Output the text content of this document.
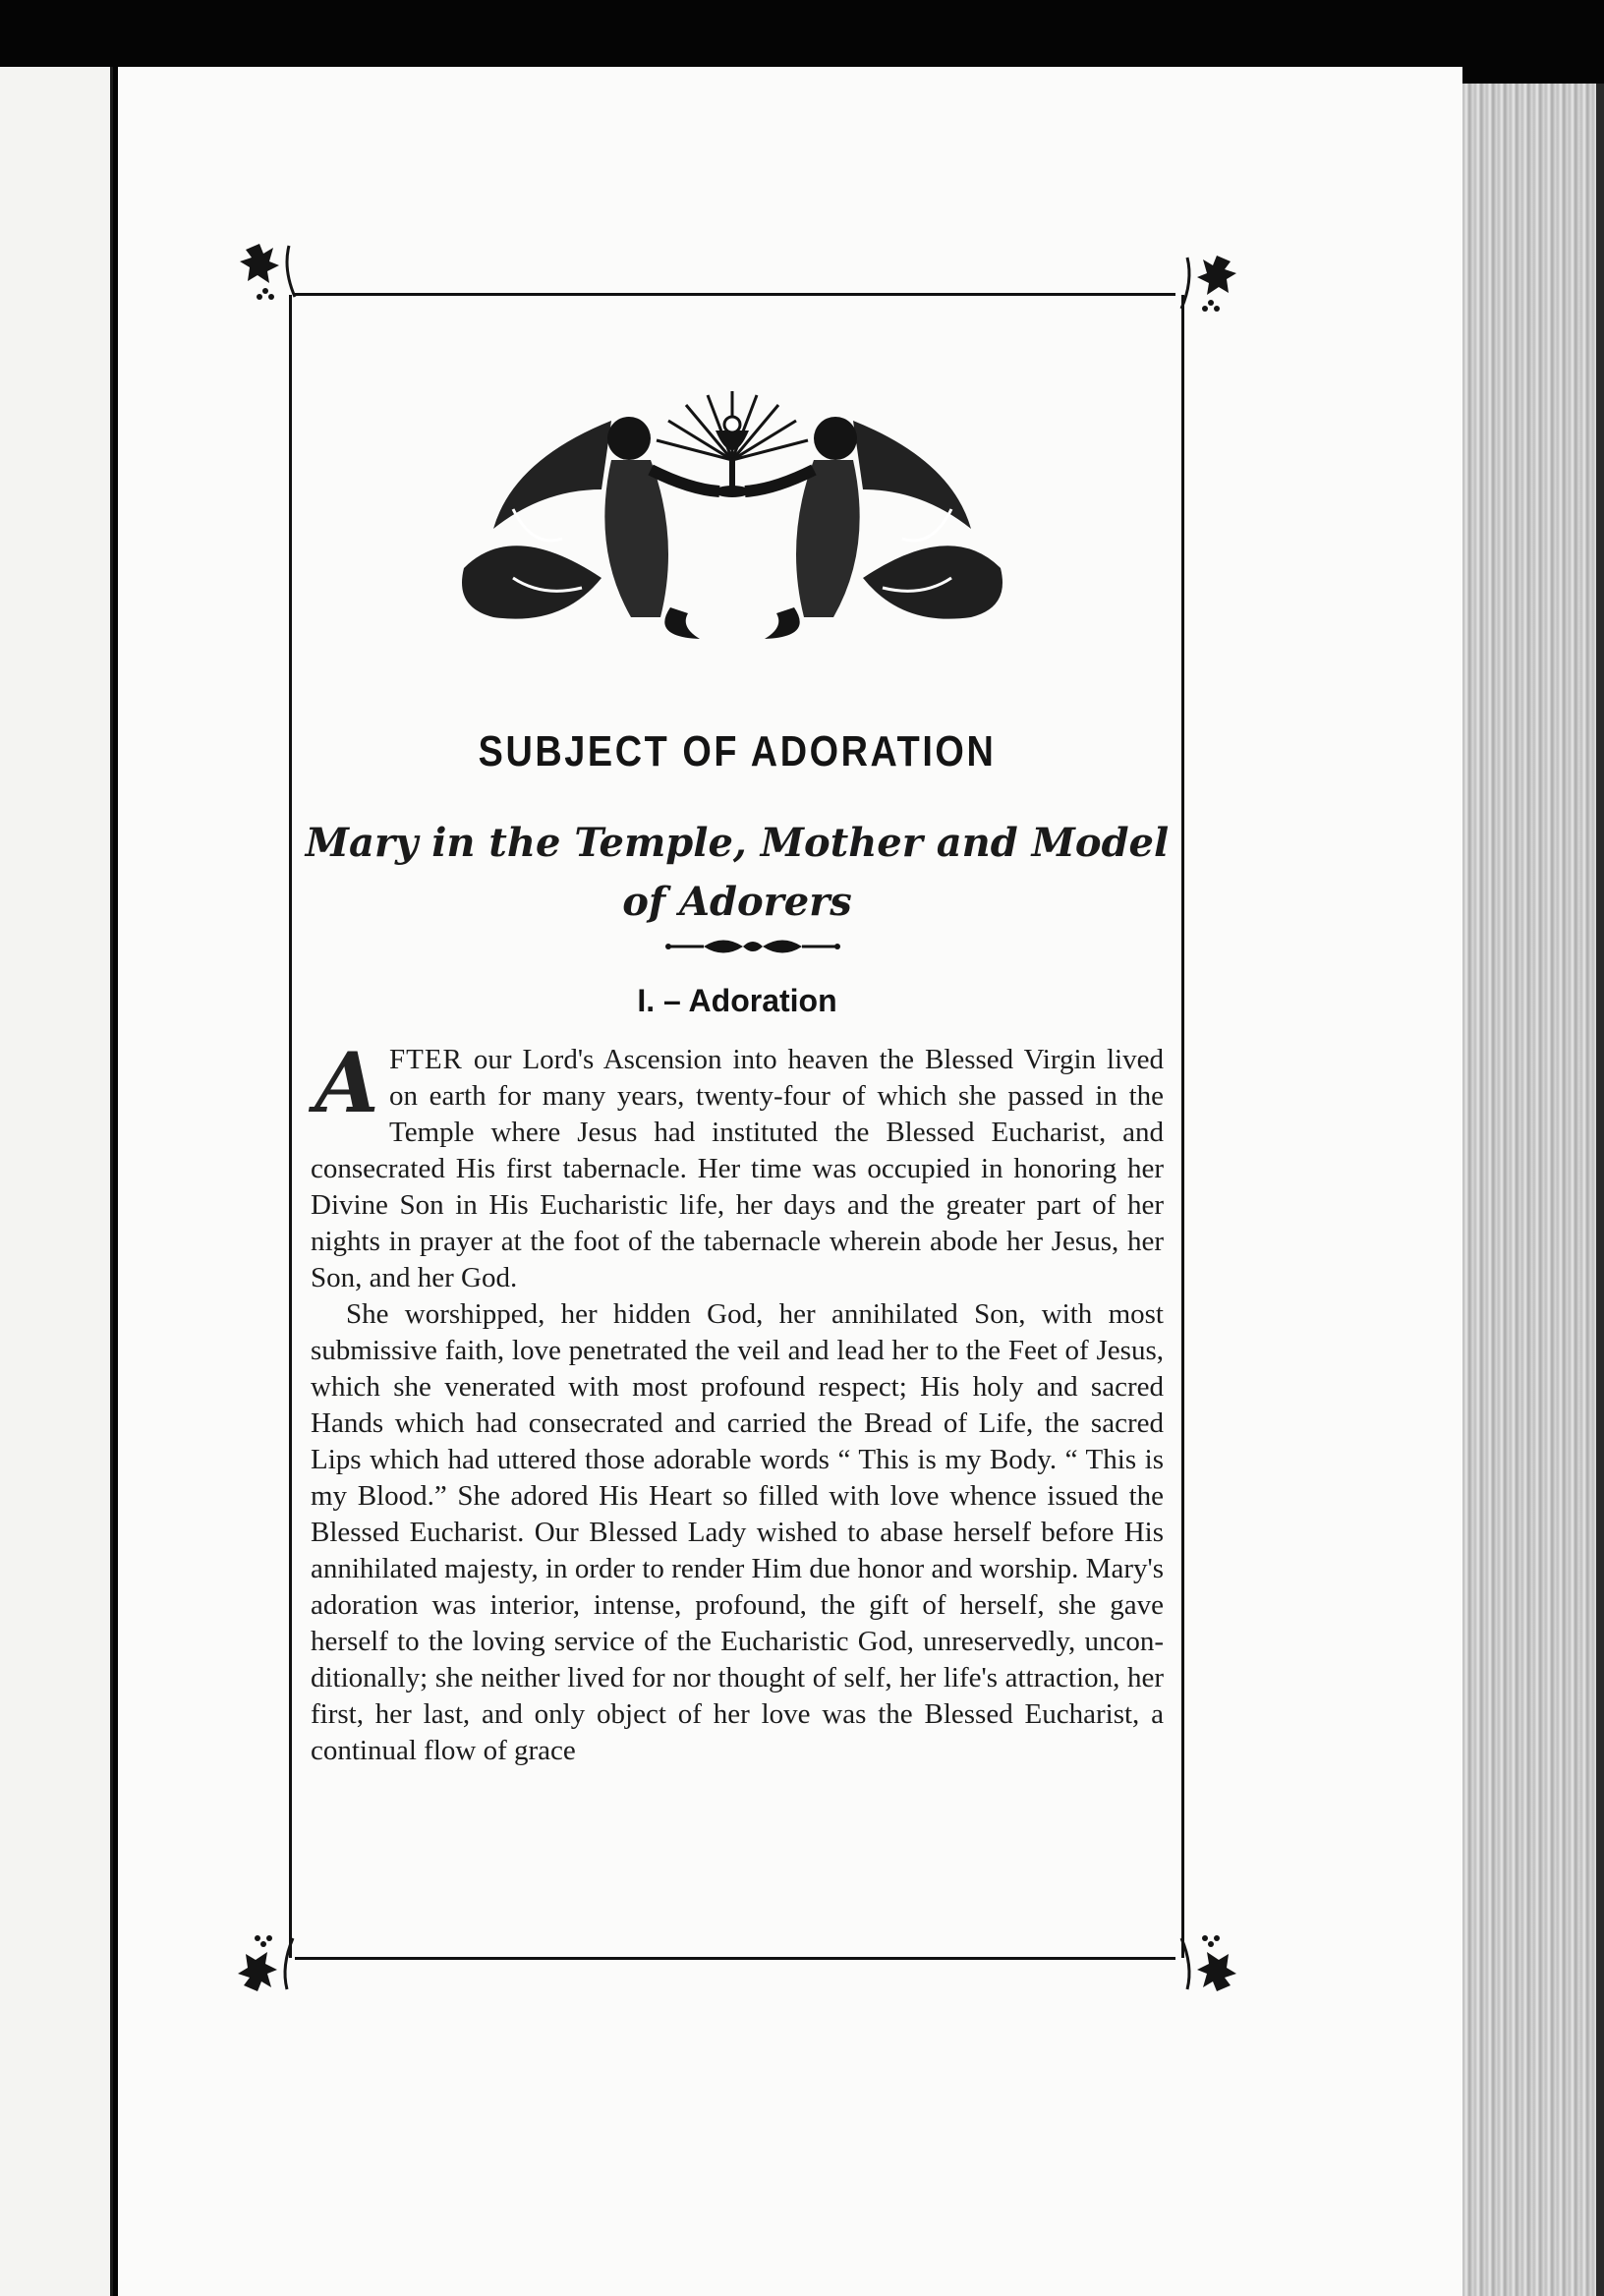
SUBJECT OF ADORATION
Mary in the Temple, Mother and Model
of Adorers
I. – Adoration

AFTER our Lord's Ascension into heaven the Blessed Virgin lived on earth for many years, twenty-four of which she passed in the Temple where Jesus had instituted the Blessed Eucharist, and consecrated His first tabernacle. Her time was occupied in honoring her Divine Son in His Eucharistic life, her days and the greater part of her nights in prayer at the foot of the tabernacle wherein abode her Jesus, her Son, and her God.

She worshipped, her hidden God, her annihilated Son, with most submissive faith, love penetrated the veil and lead her to the Feet of Jesus, which she venerated with most profound respect; His holy and sacred Hands which had consecrated and carried the Bread of Life, the sacred Lips which had uttered those adorable words “ This is my Body. “ This is my Blood.” She adored His Heart so filled with love whence issued the Blessed Eucharist. Our Blessed Lady wished to abase herself before His annihilated majesty, in order to render Him due honor and worship. Mary's adoration was interior, intense, profound, the gift of herself, she gave herself to the loving service of the Eucharistic God, unreservedly, unconditionally; she neither lived for nor thought of self, her life's attraction, her first, her last, and only object of her love was the Blessed Eucharist, a continual flow of grace
